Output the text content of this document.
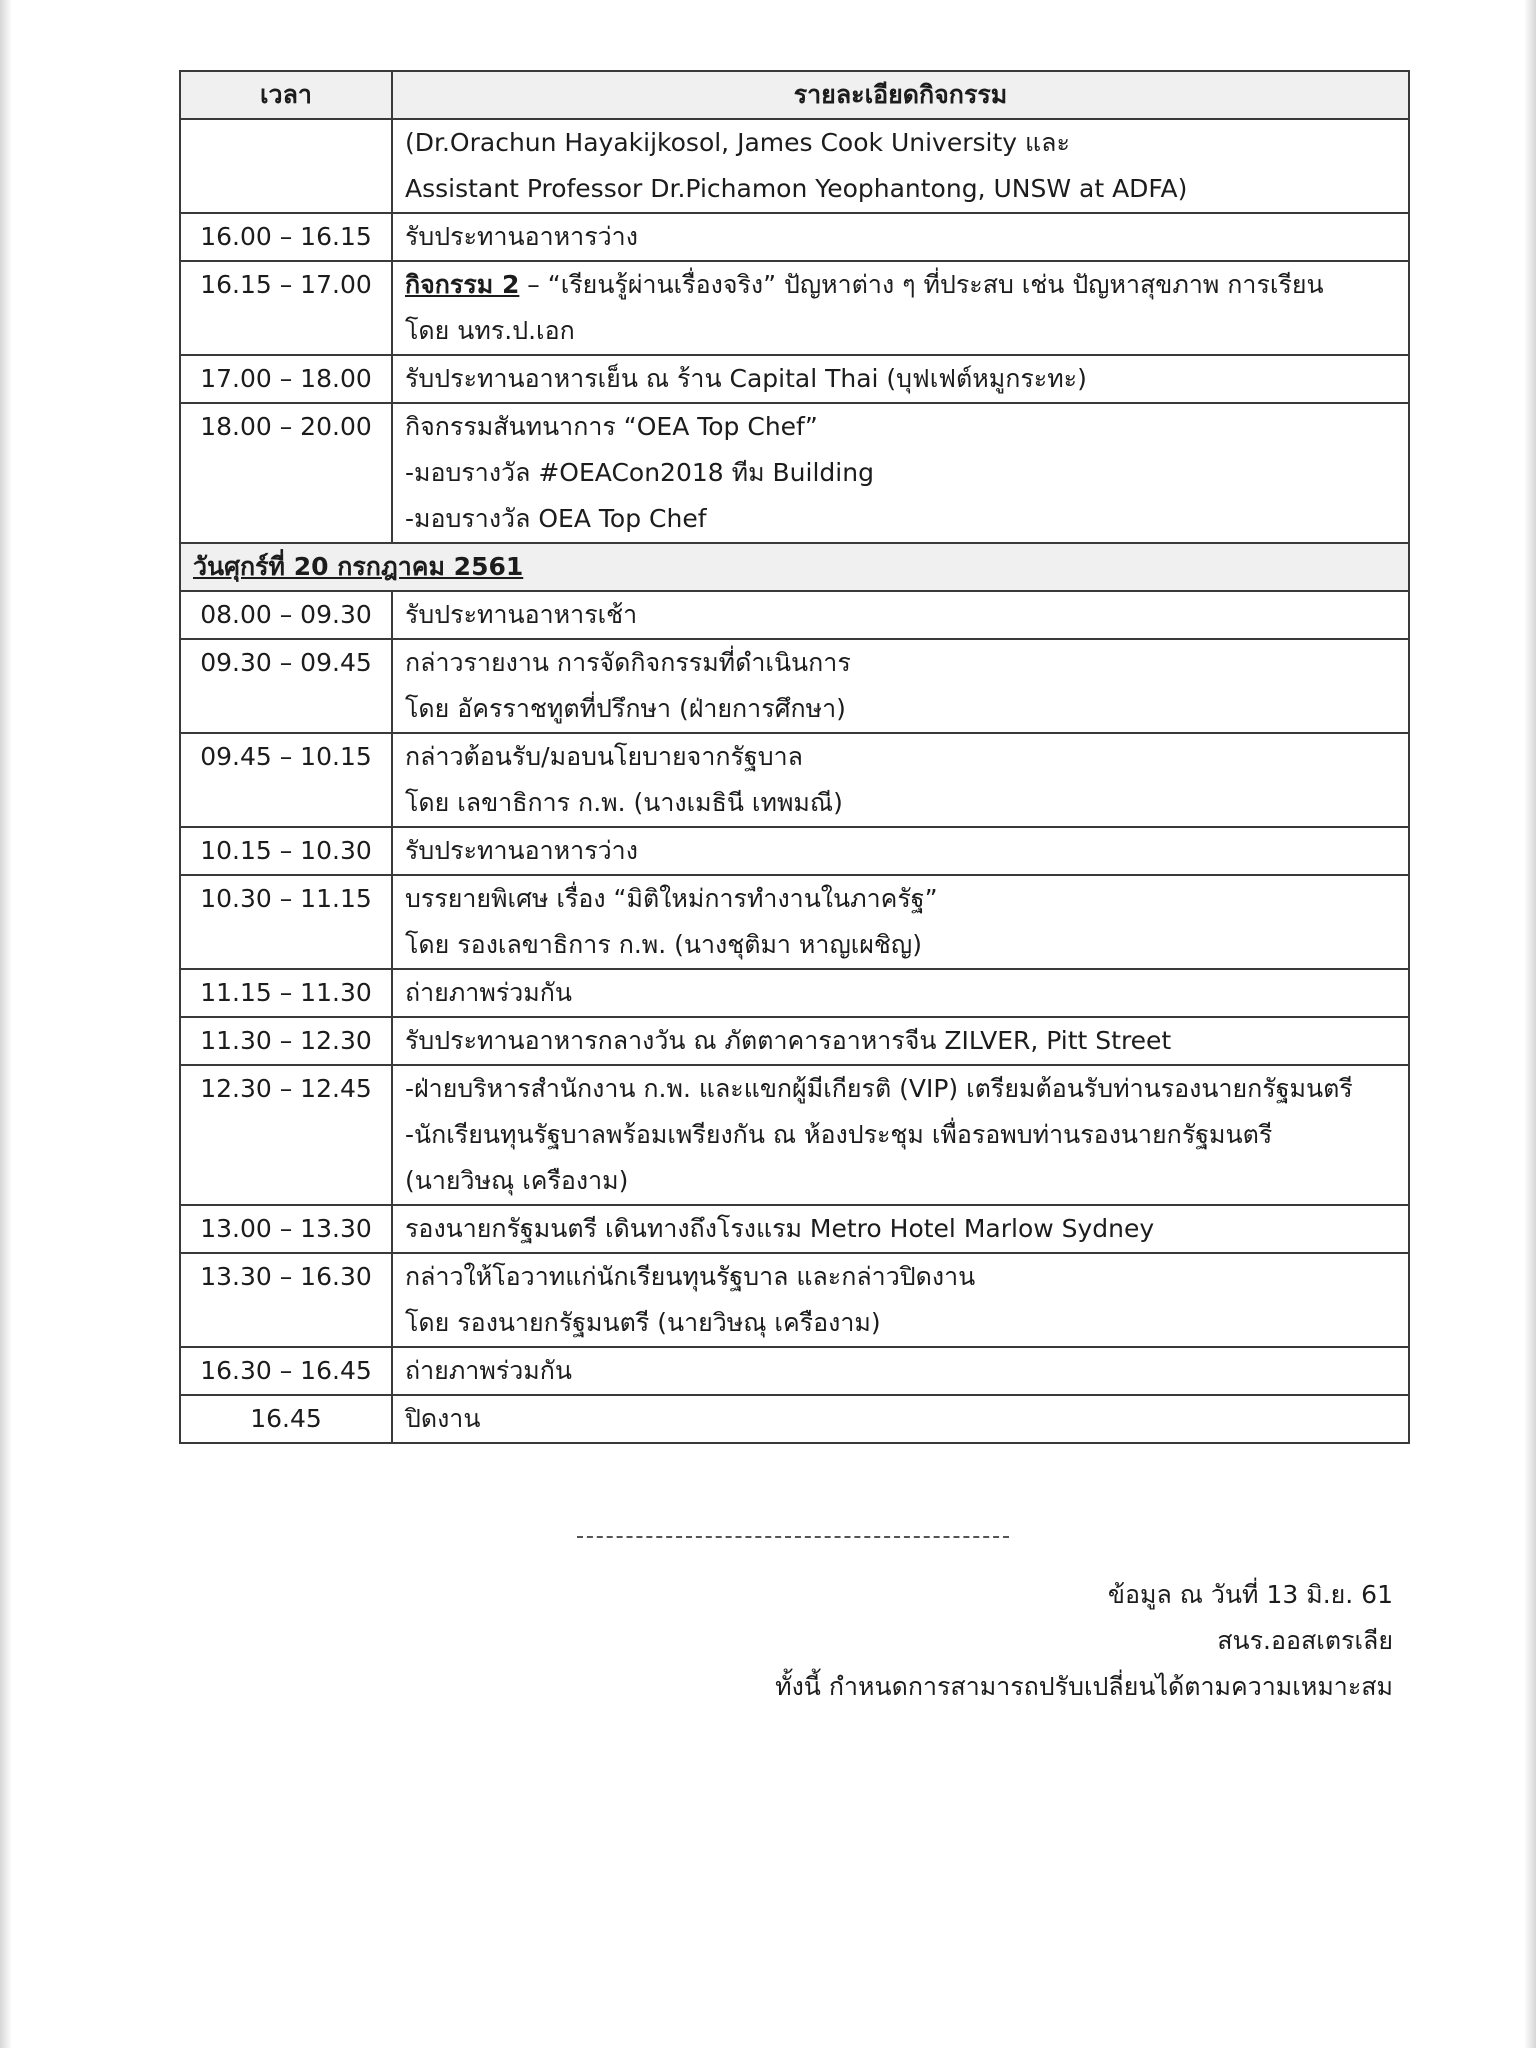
เวลา	รายละเอียดกิจกรรม

	(Dr.Orachun Hayakijkosol, James Cook University และ
Assistant Professor Dr.Pichamon Yeophantong, UNSW at ADFA)

16.00 – 16.15	รับประทานอาหารว่าง

16.15 – 17.00	กิจกรรม 2 – “เรียนรู้ผ่านเรื่องจริง” ปัญหาต่าง ๆ ที่ประสบ เช่น ปัญหาสุขภาพ การเรียน
โดย นทร.ป.เอก

17.00 – 18.00	รับประทานอาหารเย็น ณ ร้าน Capital Thai (บุฟเฟต์หมูกระทะ)

18.00 – 20.00	กิจกรรมสันทนาการ “OEA Top Chef”
-มอบรางวัล #OEACon2018 ทีม Building
-มอบรางวัล OEA Top Chef

วันศุกร์ที่ 20 กรกฎาคม 2561	
08.00 – 09.30	รับประทานอาหารเช้า

09.30 – 09.45	กล่าวรายงาน การจัดกิจกรรมที่ดำเนินการ
โดย อัครราชทูตที่ปรึกษา (ฝ่ายการศึกษา)

09.45 – 10.15	กล่าวต้อนรับ/มอบนโยบายจากรัฐบาล
โดย เลขาธิการ ก.พ. (นางเมธินี เทพมณี)

10.15 – 10.30	รับประทานอาหารว่าง

10.30 – 11.15	บรรยายพิเศษ เรื่อง “มิติใหม่การทำงานในภาครัฐ”
โดย รองเลขาธิการ ก.พ. (นางชุติมา หาญเผชิญ)

11.15 – 11.30	ถ่ายภาพร่วมกัน

11.30 – 12.30	รับประทานอาหารกลางวัน ณ ภัตตาคารอาหารจีน ZILVER, Pitt Street

12.30 – 12.45	-ฝ่ายบริหารสำนักงาน ก.พ. และแขกผู้มีเกียรติ (VIP) เตรียมต้อนรับท่านรองนายกรัฐมนตรี
-นักเรียนทุนรัฐบาลพร้อมเพรียงกัน ณ ห้องประชุม เพื่อรอพบท่านรองนายกรัฐมนตรี
(นายวิษณุ เครืองาม)

13.00 – 13.30	รองนายกรัฐมนตรี เดินทางถึงโรงแรม Metro Hotel Marlow Sydney

13.30 – 16.30	กล่าวให้โอวาทแก่นักเรียนทุนรัฐบาล และกล่าวปิดงาน
โดย รองนายกรัฐมนตรี (นายวิษณุ เครืองาม)

16.30 – 16.45	ถ่ายภาพร่วมกัน

16.45	ปิดงาน
ข้อมูล ณ วันที่ 13 มิ.ย. 61
สนร.ออสเตรเลีย
ทั้งนี้ กำหนดการสามารถปรับเปลี่ยนได้ตามความเหมาะสม
